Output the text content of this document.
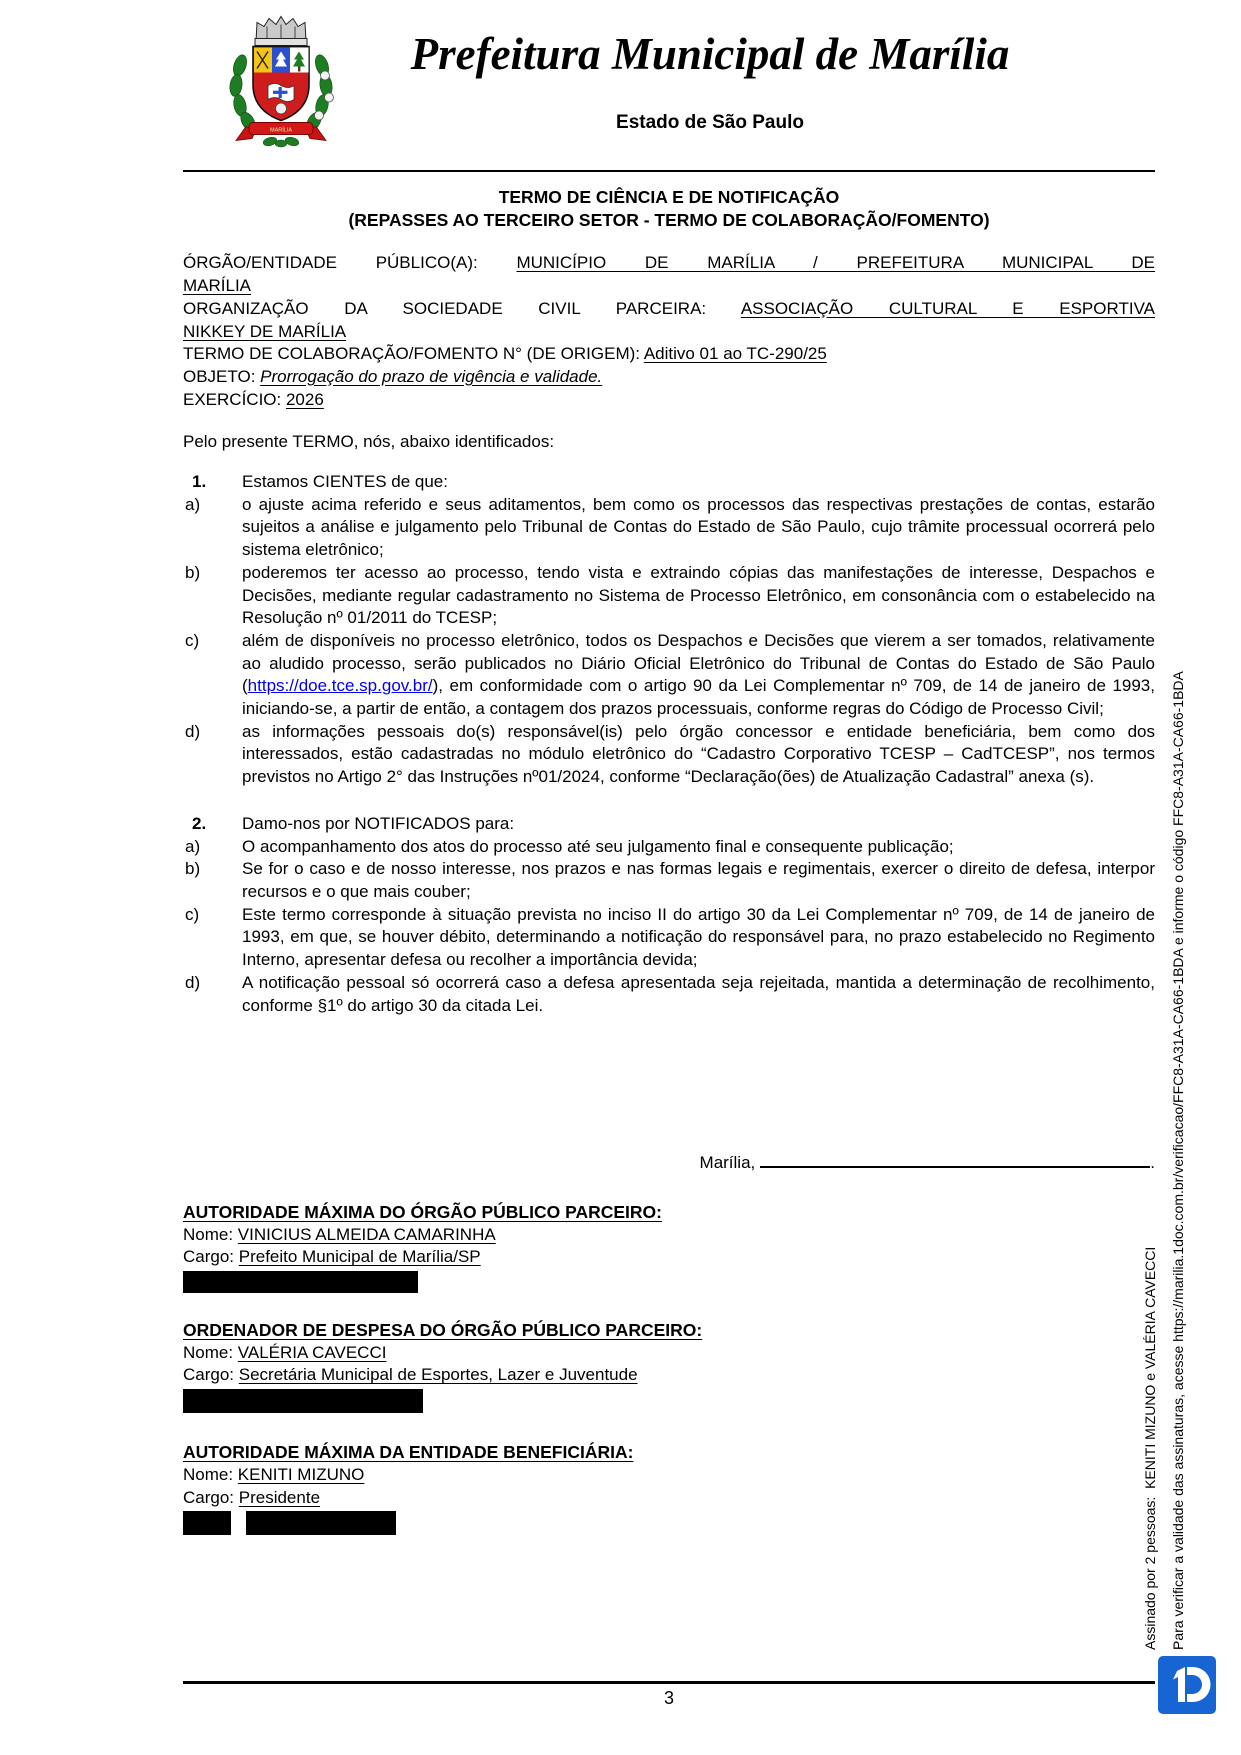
MARÍLIA
Prefeitura Municipal de Marília
Estado de São Paulo
TERMO DE CIÊNCIA E DE NOTIFICAÇÃO
(REPASSES AO TERCEIRO SETOR - TERMO DE COLABORAÇÃO/FOMENTO)
ÓRGÃO/ENTIDADE PÚBLICO(A): MUNICÍPIO DE MARÍLIA / PREFEITURA MUNICIPAL DE
MARÍLIA
ORGANIZAÇÃO DA SOCIEDADE CIVIL PARCEIRA: ASSOCIAÇÃO CULTURAL E ESPORTIVA
NIKKEY DE MARÍLIA
TERMO DE COLABORAÇÃO/FOMENTO N° (DE ORIGEM): Aditivo 01 ao TC-290/25
OBJETO: Prorrogação do prazo de vigência e validade.
EXERCÍCIO: 2026

Pelo presente TERMO, nós, abaixo identificados:

1. Estamos CIENTES de que:
a) o ajuste acima referido e seus aditamentos, bem como os processos das respectivas prestações de contas, estarão sujeitos a análise e julgamento pelo Tribunal de Contas do Estado de São Paulo, cujo trâmite processual ocorrerá pelo sistema eletrônico;
b) poderemos ter acesso ao processo, tendo vista e extraindo cópias das manifestações de interesse, Despachos e Decisões, mediante regular cadastramento no Sistema de Processo Eletrônico, em consonância com o estabelecido na Resolução nº 01/2011 do TCESP;
c)	além de disponíveis no processo eletrônico, todos os Despachos e Decisões que vierem a ser tomados, relativamente ao aludido processo, serão publicados no Diário Oficial Eletrônico do Tribunal de Contas do Estado de São Paulo (https://doe.tce.sp.gov.br/), em conformidade com o artigo 90 da Lei Complementar nº 709, de 14 de janeiro de 1993, iniciando-se, a partir de então, a contagem dos prazos processuais, conforme regras do Código de Processo Civil;
d) as informações pessoais do(s) responsável(is) pelo órgão concessor e entidade beneficiária, bem como dos interessados, estão cadastradas no módulo eletrônico do “Cadastro Corporativo TCESP – CadTCESP”, nos termos previstos no Artigo 2° das Instruções nº01/2024, conforme “Declaração(ões) de Atualização Cadastral” anexa (s).
2. Damo-nos por NOTIFICADOS para:
a) O acompanhamento dos atos do processo até seu julgamento final e consequente publicação;
b) Se for o caso e de nosso interesse, nos prazos e nas formas legais e regimentais, exercer o direito de defesa, interpor recursos e o que mais couber;
c)	Este termo corresponde à situação prevista no inciso II do artigo 30 da Lei Complementar nº 709, de 14 de janeiro de 1993, em que, se houver débito, determinando a notificação do responsável para, no prazo estabelecido no Regimento Interno, apresentar defesa ou recolher a importância devida;
d) A notificação pessoal só ocorrerá caso a defesa apresentada seja rejeitada, mantida a determinação de recolhimento, conforme §1º do artigo 30 da citada Lei.
Marília,	.
AUTORIDADE MÁXIMA DO ÓRGÃO PÚBLICO PARCEIRO:
Nome: VINICIUS ALMEIDA CAMARINHA
Cargo: Prefeito Municipal de Marília/SP
ORDENADOR DE DESPESA DO ÓRGÃO PÚBLICO PARCEIRO:
Nome: VALÉRIA CAVECCI
Cargo: Secretária Municipal de Esportes, Lazer e Juventude
AUTORIDADE MÁXIMA DA ENTIDADE BENEFICIÁRIA:
Nome: KENITI MIZUNO
Cargo: Presidente
3
Assinado por 2 pessoas:  KENITI MIZUNO e VALÉRIA CAVECCI Para verificar a validade das assinaturas, acesse https://marilia.1doc.com.br/verificacao/FFC8-A31A-CA66-1BDA e informe o código FFC8-A31A-CA66-1BDA
